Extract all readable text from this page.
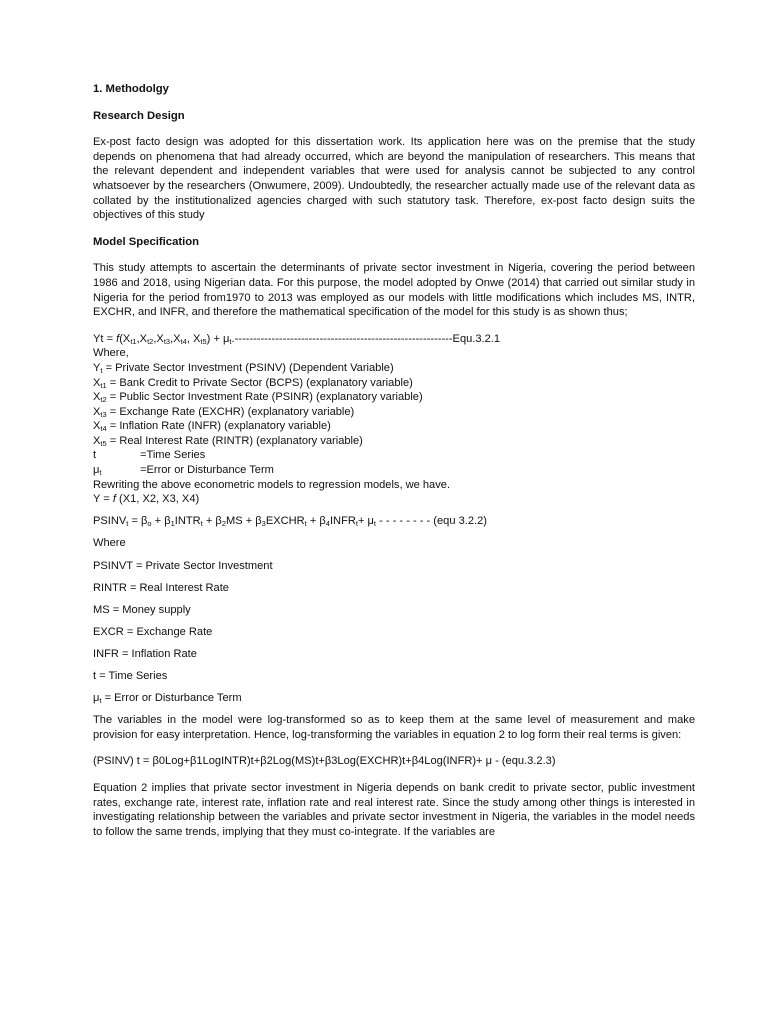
1. Methodolgy

Research Design

Ex-post facto design was adopted for this dissertation work. Its application here was on the premise that the study depends on phenomena that had already occurred, which are beyond the manipulation of researchers. This means that the relevant dependent and independent variables that were used for analysis cannot be subjected to any control whatsoever by the researchers (Onwumere, 2009). Undoubtedly, the researcher actually made use of the relevant data as collated by the institutionalized agencies charged with such statutory task. Therefore, ex-post facto design suits the objectives of this study

Model Specification

This study attempts to ascertain the determinants of private sector investment in Nigeria, covering the period between 1986 and 2018, using Nigerian data. For this purpose, the model adopted by Onwe (2014) that carried out similar study in Nigeria for the period from1970 to 2013 was employed as our models with little modifications which includes MS, INTR, EXCHR, and INFR, and therefore the mathematical specification of the model for this study is as shown thus;

$Yt = f(X_{t1},X_{t2},X_{t3},X_{t4}$, $X_{t5}) + \mu_t.-----------------------------------------------------------Equ.3.2.1$

Where,

$Y_t$ = Private Sector Investment (PSINV) (Dependent Variable)

$X_{t1}$ = Bank Credit to Private Sector (BCPS) (explanatory variable)

$X_{t2}$ = Public Sector Investment Rate (PSINR) (explanatory variable)

$X_{t3}$ = Exchange Rate (EXCHR) (explanatory variable)

$X_{t4}$ = Inflation Rate (INFR) (explanatory variable)

$X_{t5}$ = Real Interest Rate (RINTR) (explanatory variable)

t	=Time Series

$\mu_t$	=Error or Disturbance Term

Rewriting the above econometric models to regression models, we have.

Y = f (X1, X2, X3, X4)

$PSINV_t = \beta_o$ + $\beta_1INTR_t + \beta_2MS$ + $\beta_3EXCHR_t$ + $\beta_4INFR_t+ \mu_t$ - - - - - - - - (equ 3.2.2)

Where

PSINVT = Private Sector Investment

RINTR = Real Interest Rate

MS = Money supply

EXCR = Exchange Rate

INFR = Inflation Rate

t = Time Series

$\mu_t$ = Error or Disturbance Term

The variables in the model were log-transformed so as to keep them at the same level of measurement and make provision for easy interpretation. Hence, log-transforming the variables in equation 2 to log form their real terms is given:

(PSINV) t = β0Log+β1LogINTR)t+β2Log(MS)t+β3Log(EXCHR)t+β4Log(INFR)+ μ - (equ.3.2.3)

Equation 2 implies that private sector investment in Nigeria depends on bank credit to private sector, public investment rates, exchange rate, interest rate, inflation rate and real interest rate. Since the study among other things is interested in investigating relationship between the variables and private sector investment in Nigeria, the variables in the model needs to follow the same trends, implying that they must co-integrate. If the variables are
